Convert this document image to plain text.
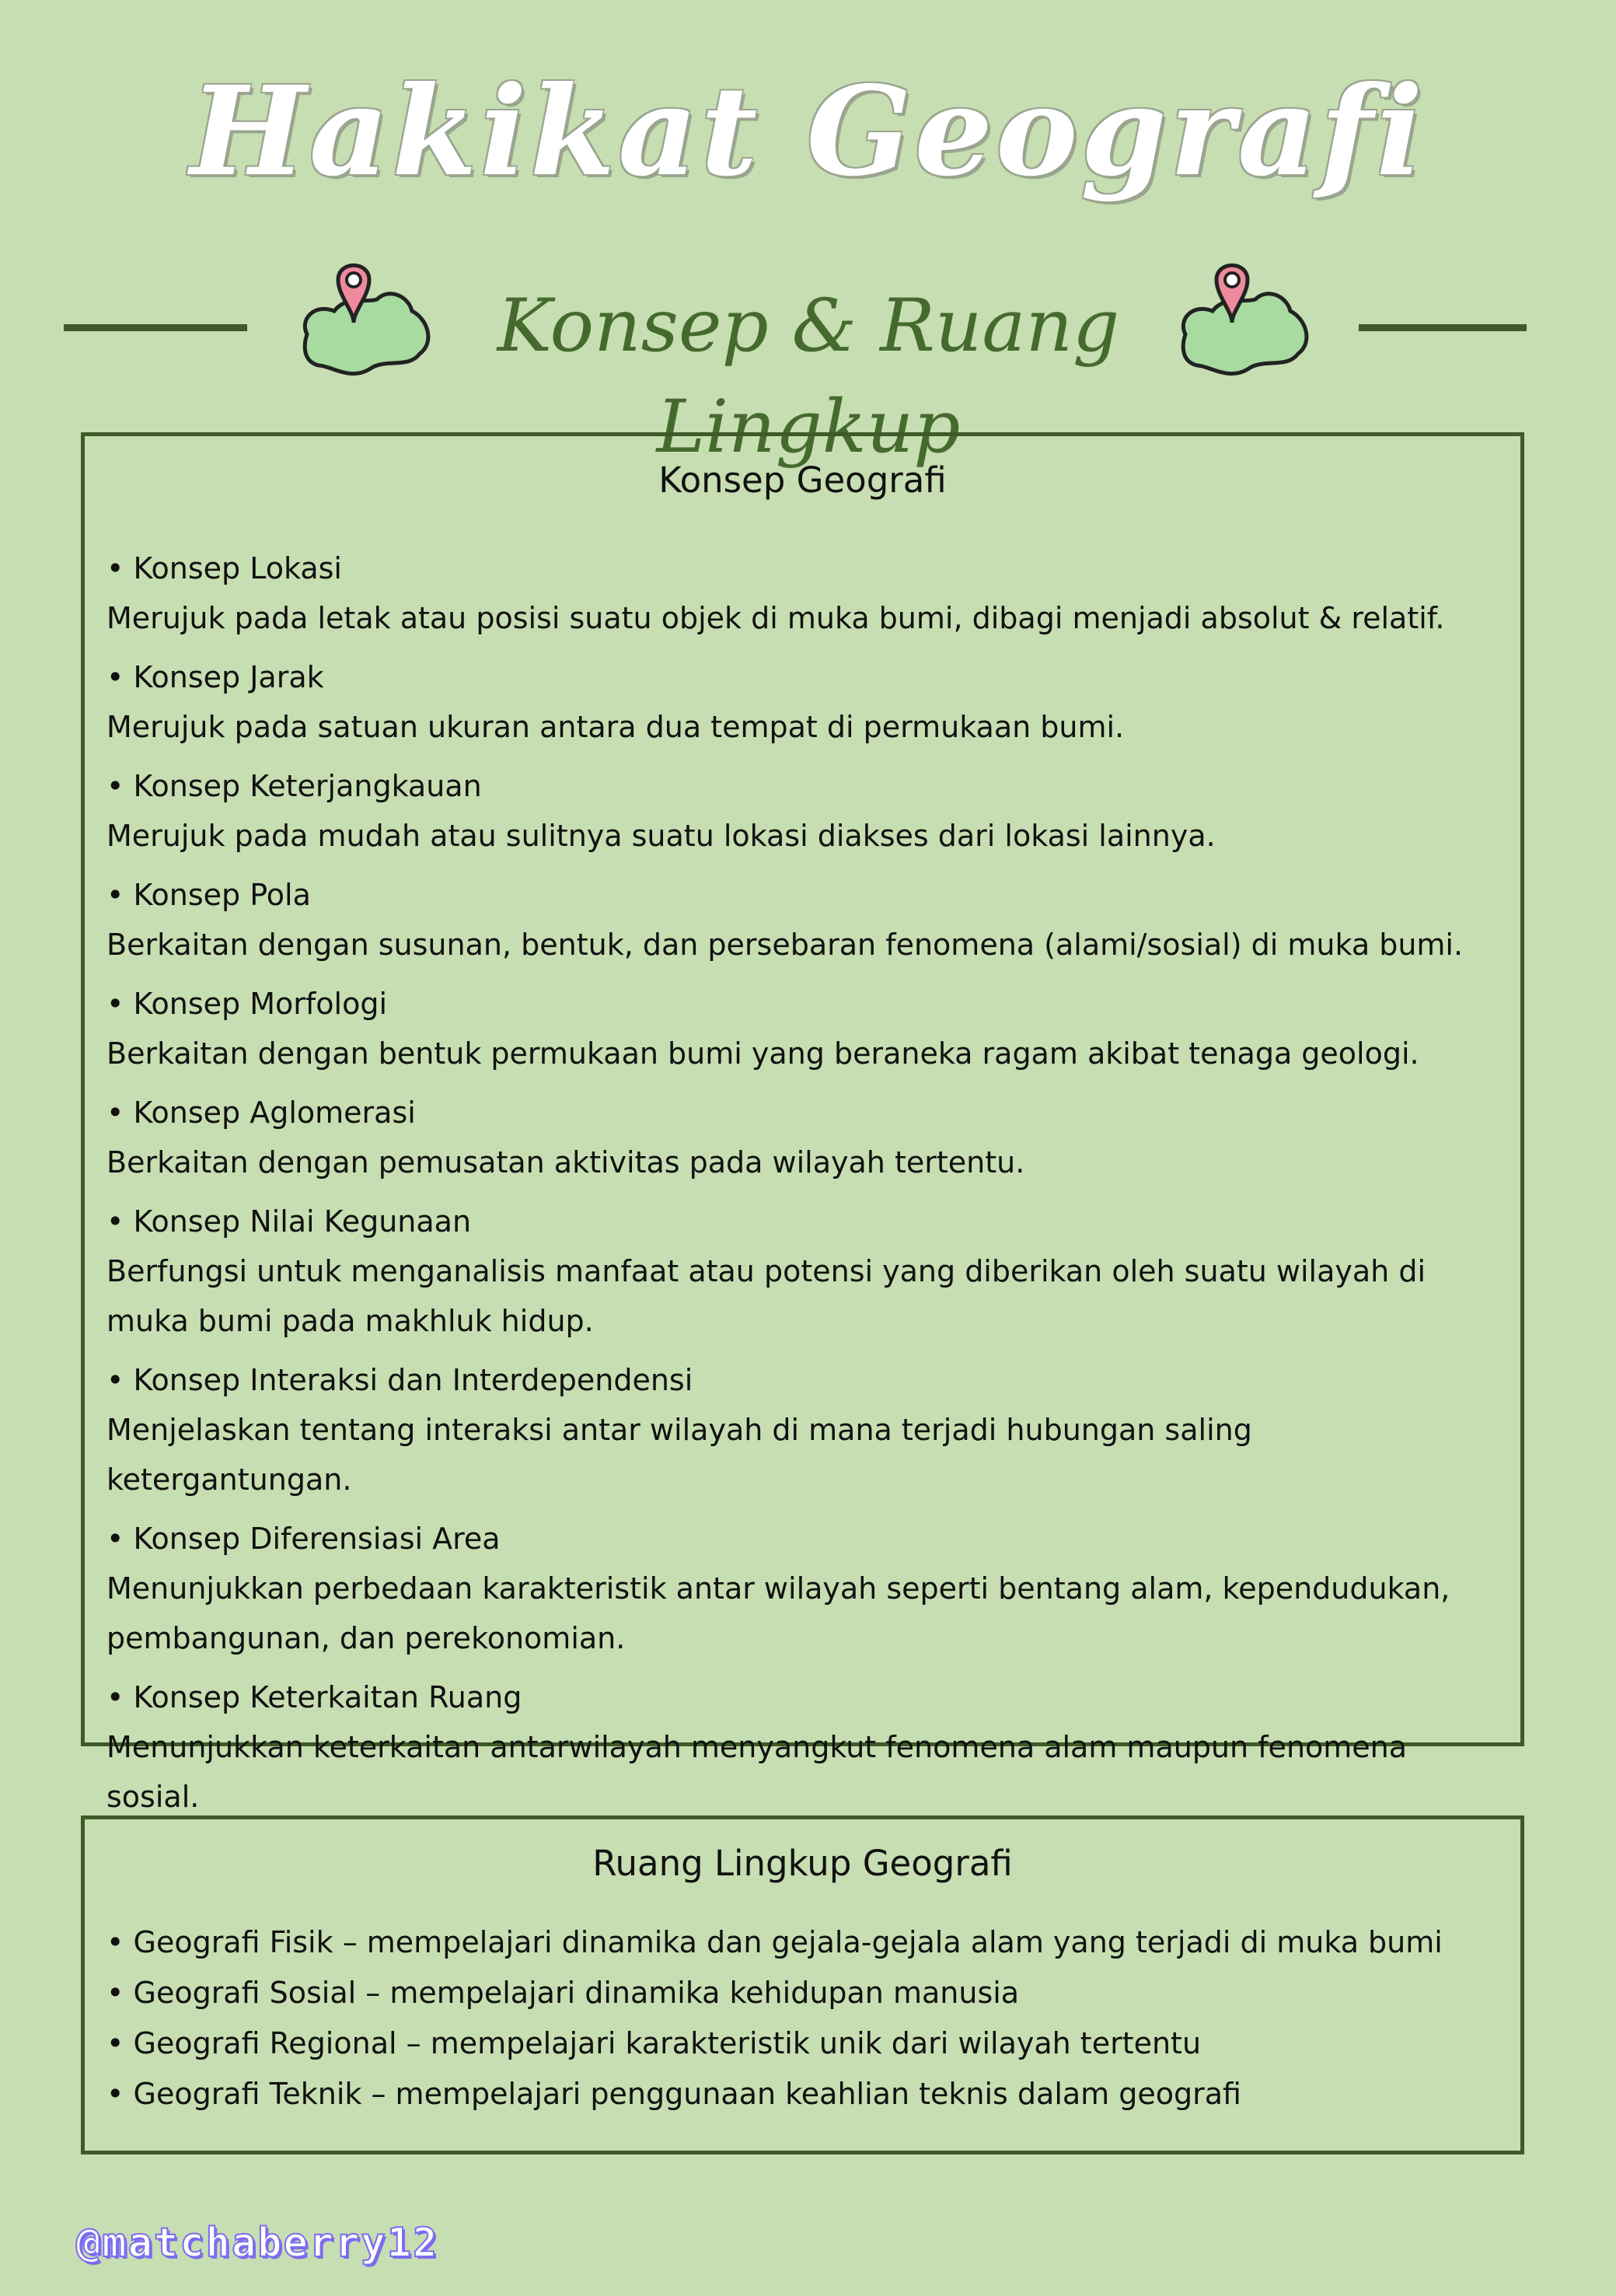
Hakikat Geografi
Konsep & Ruang Lingkup
Konsep Geografi

• Konsep Lokasi

Merujuk pada letak atau posisi suatu objek di muka bumi, dibagi menjadi absolut & relatif.

• Konsep Jarak

Merujuk pada satuan ukuran antara dua tempat di permukaan bumi.

• Konsep Keterjangkauan

Merujuk pada mudah atau sulitnya suatu lokasi diakses dari lokasi lainnya.

• Konsep Pola

Berkaitan dengan susunan, bentuk, dan persebaran fenomena (alami/sosial) di muka bumi.

• Konsep Morfologi

Berkaitan dengan bentuk permukaan bumi yang beraneka ragam akibat tenaga geologi.

• Konsep Aglomerasi

Berkaitan dengan pemusatan aktivitas pada wilayah tertentu.

• Konsep Nilai Kegunaan

Berfungsi untuk menganalisis manfaat atau potensi yang diberikan oleh suatu wilayah di muka bumi pada makhluk hidup.

• Konsep Interaksi dan Interdependensi

Menjelaskan tentang interaksi antar wilayah di mana terjadi hubungan saling ketergantungan.

• Konsep Diferensiasi Area

Menunjukkan perbedaan karakteristik antar wilayah seperti bentang alam, kependudukan, pembangunan, dan perekonomian.

• Konsep Keterkaitan Ruang

Menunjukkan keterkaitan antarwilayah menyangkut fenomena alam maupun fenomena sosial.

Ruang Lingkup Geografi
• Geografi Fisik – mempelajari dinamika dan gejala-gejala alam yang terjadi di muka bumi
• Geografi Sosial – mempelajari dinamika kehidupan manusia
• Geografi Regional – mempelajari karakteristik unik dari wilayah tertentu
• Geografi Teknik – mempelajari penggunaan keahlian teknis dalam geografi
@matchaberry12
